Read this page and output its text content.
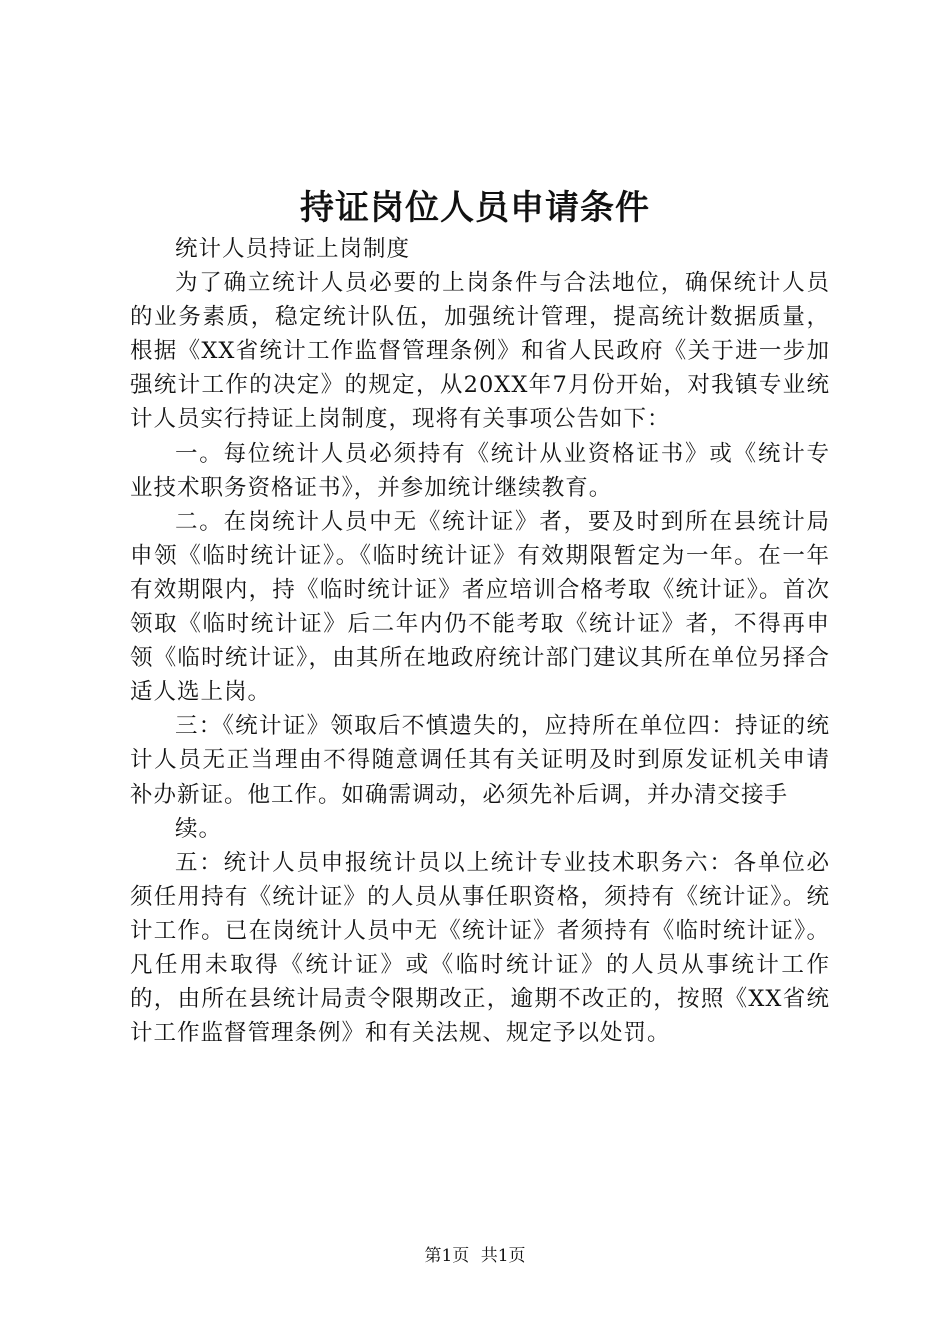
持证岗位人员申请条件

统计人员持证上岗制度

为了确立统计人员必要的上岗条件与合法地位，确保统计人员的业务素质，稳定统计队伍，加强统计管理，提高统计数据质量，根据《XX省统计工作监督管理条例》和省人民政府《关于进一步加强统计工作的决定》的规定，从20XX年7月份开始，对我镇专业统计人员实行持证上岗制度，现将有关事项公告如下：

一。每位统计人员必须持有《统计从业资格证书》或《统计专业技术职务资格证书》，并参加统计继续教育。

二。在岗统计人员中无《统计证》者，要及时到所在县统计局申领《临时统计证》。《临时统计证》有效期限暂定为一年。在一年有效期限内，持《临时统计证》者应培训合格考取《统计证》。首次领取《临时统计证》后二年内仍不能考取《统计证》者，不得再申领《临时统计证》，由其所在地政府统计部门建议其所在单位另择合适人选上岗。

三：《统计证》领取后不慎遗失的，应持所在单位四：持证的统计人员无正当理由不得随意调任其有关证明及时到原发证机关申请补办新证。他工作。如确需调动，必须先补后调，并办清交接手

续。

五：统计人员申报统计员以上统计专业技术职务六：各单位必须任用持有《统计证》的人员从事任职资格，须持有《统计证》。统计工作。已在岗统计人员中无《统计证》者须持有《临时统计证》。凡任用未取得《统计证》或《临时统计证》的人员从事统计工作的，由所在县统计局责令限期改正，逾期不改正的，按照《XX省统计工作监督管理条例》和有关法规、规定予以处罚。

第1页 共1页
